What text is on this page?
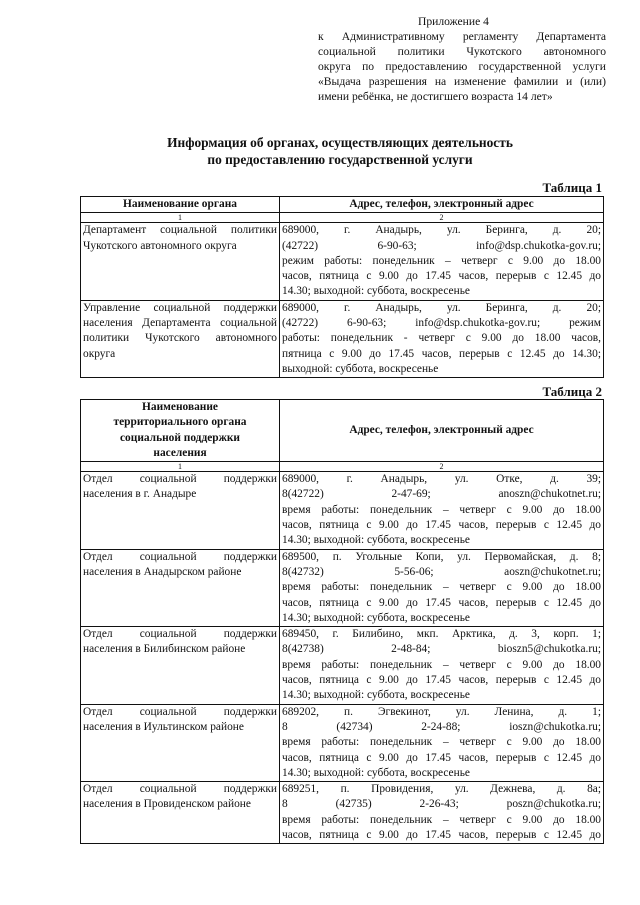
Приложение 4
к Административному регламенту Департамента
социальной политики Чукотского автономного
округа по предоставлению государственной услуги
«Выдача разрешения на изменение фамилии и (или)
имени ребёнка, не достигшего возраста 14 лет»
Информация об органах, осуществляющих деятельность
по предоставлению государственной услуги
Таблица 1
Наименование органа	Адрес, телефон, электронный адрес
1	2
Департамент социальной политики Чукотского автономного округа	689000, г. Анадырь, ул. Беринга, д. 20;
(42722) 6-90-63; info@dsp.chukotka-gov.ru;
режим работы: понедельник – четверг с 9.00 до 18.00
часов, пятница с 9.00 до 17.45 часов, перерыв с 12.45 до
14.30; выходной: суббота, воскресенье

Управление социальной поддержки населения Департамента социальной политики Чукотского автономного округа	689000, г. Анадырь, ул. Беринга, д. 20;
(42722) 6-90-63; info@dsp.chukotka-gov.ru; режим
работы: понедельник - четверг с 9.00 до 18.00 часов,
пятница с 9.00 до 17.45 часов, перерыв с 12.45 до 14.30;
выходной: суббота, воскресенье
Таблица 2
Наименование территориального органа социальной поддержки населения	Адрес, телефон, электронный адрес
1	2
Отдел социальной поддержки населения в г. Анадыре	689000, г. Анадырь, ул. Отке, д. 39;
8(42722) 2-47-69; anoszn@chukotnet.ru;
время работы: понедельник – четверг с 9.00 до 18.00
часов, пятница с 9.00 до 17.45 часов, перерыв с 12.45 до
14.30; выходной: суббота, воскресенье

Отдел социальной поддержки населения в Анадырском районе	689500, п. Угольные Копи, ул. Первомайская, д. 8;
8(42732) 5-56-06; aoszn@chukotnet.ru;
время работы: понедельник – четверг с 9.00 до 18.00
часов, пятница с 9.00 до 17.45 часов, перерыв с 12.45 до
14.30; выходной: суббота, воскресенье

Отдел социальной поддержки населения в Билибинском районе	689450, г. Билибино, мкп. Арктика, д. 3, корп. 1;
8(42738) 2-48-84; bioszn5@chukotka.ru;
время работы: понедельник – четверг с 9.00 до 18.00
часов, пятница с 9.00 до 17.45 часов, перерыв с 12.45 до
14.30; выходной: суббота, воскресенье

Отдел социальной поддержки населения в Иультинском районе	689202, п. Эгвекинот, ул. Ленина, д. 1;
8 (42734) 2-24-88; ioszn@chukotka.ru;
время работы: понедельник – четверг с 9.00 до 18.00
часов, пятница с 9.00 до 17.45 часов, перерыв с 12.45 до
14.30; выходной: суббота, воскресенье

Отдел социальной поддержки населения в Провиденском районе	689251, п. Провидения, ул. Дежнева, д. 8а;
8 (42735) 2-26-43; poszn@chukotka.ru;
время работы: понедельник – четверг с 9.00 до 18.00
часов, пятница с 9.00 до 17.45 часов, перерыв с 12.45 до
